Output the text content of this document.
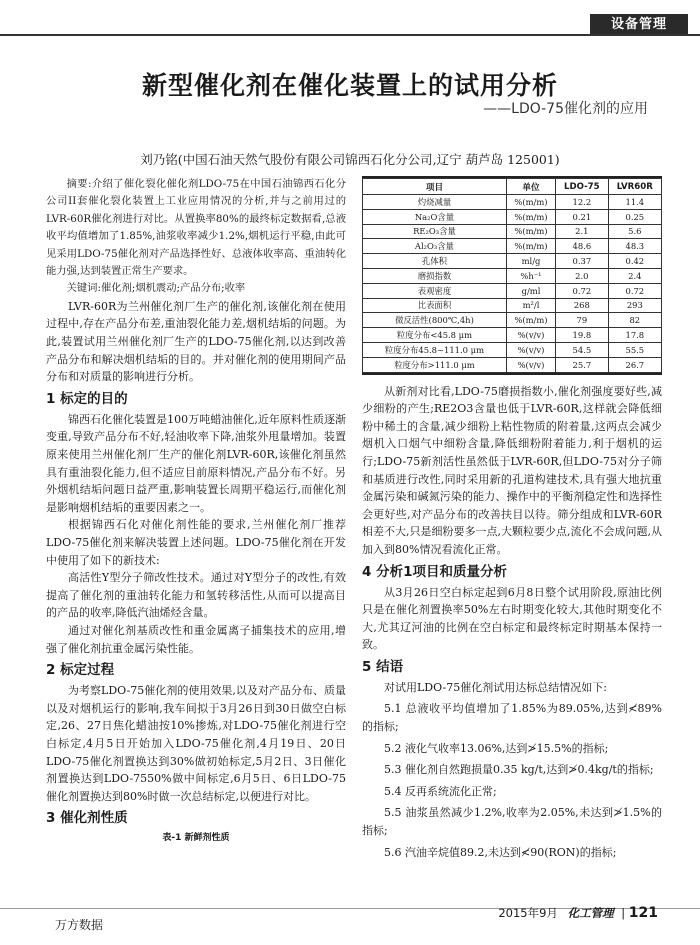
设备管理
新型催化剂在催化装置上的试用分析
——LDO-75催化剂的应用
刘乃铭(中国石油天然气股份有限公司锦西石化分公司,辽宁 葫芦岛 125001)

摘要:介绍了催化裂化催化剂LDO-75在中国石油锦西石化分公司II套催化裂化装置上工业应用情况的分析,并与之前用过的LVR-60R催化剂进行对比。从置换率80%的最终标定数据看,总液收平均值增加了1.85%,油浆收率减少1.2%,烟机运行平稳,由此可见采用LDO-75催化剂对产品选择性好、总液体收率高、重油转化能力强,达到装置正常生产要求。

关键词:催化剂;烟机震动;产品分布;收率

LVR-60R为兰州催化剂厂生产的催化剂,该催化剂在使用过程中,存在产品分布差,重油裂化能力差,烟机结垢的问题。为此,装置试用兰州催化剂厂生产的LDO-75催化剂,以达到改善产品分布和解决烟机结垢的目的。并对催化剂的使用期间产品分布和对质量的影响进行分析。

1 标定的目的

锦西石化催化装置是100万吨蜡油催化,近年原料性质逐渐变重,导致产品分布不好,轻油收率下降,油浆外甩量增加。装置原来使用兰州催化剂厂生产的催化剂LVR-60R,该催化剂虽然具有重油裂化能力,但不适应目前原料情况,产品分布不好。另外烟机结垢问题日益严重,影响装置长周期平稳运行,而催化剂是影响烟机结垢的重要因素之一。

根据锦西石化对催化剂性能的要求,兰州催化剂厂推荐LDO-75催化剂来解决装置上述问题。LDO-75催化剂在开发中使用了如下的新技术:

高活性Y型分子筛改性技术。通过对Y型分子的改性,有效提高了催化剂的重油转化能力和氢转移活性,从而可以提高目的产品的收率,降低汽油烯烃含量。

通过对催化剂基质改性和重金属离子捕集技术的应用,增强了催化剂抗重金属污染性能。

2 标定过程

为考察LDO-75催化剂的使用效果,以及对产品分布、质量以及对烟机运行的影响,我车间拟于3月26日到30日做空白标定,26、27日焦化蜡油按10%掺炼,对LDO-75催化剂进行空白标定,4月5日开始加入LDO-75催化剂,4月19日、20日LDO-75催化剂置换达到30%做初始标定,5月2日、3日催化剂置换达到LDO-7550%做中间标定,6月5日、6日LDO-75催化剂置换达到80%时做一次总结标定,以便进行对比。

3 催化剂性质
表-1 新鲜剂性质
项目	单位	LDO-75	LVR60R
灼烧减量	%(m/m)	12.2	11.4
Na₂O含量	%(m/m)	0.21	0.25
RE₂O₃含量	%(m/m)	2.1	5.6
Al₂O₃含量	%(m/m)	48.6	48.3
孔体积	ml/g	0.37	0.42
磨损指数	%h⁻¹	2.0	2.4
表观密度	g/ml	0.72	0.72
比表面积	m²/l	268	293
微反活性(800℃,4h)	%(m/m)	79	82
粒度分布<45.8 μm	%(v/v)	19.8	17.8
粒度分布45.8~111.0 μm	%(v/v)	54.5	55.5
粒度分布>111.0 μm	%(v/v)	25.7	26.7

从新剂对比看,LDO-75磨损指数小,催化剂强度要好些,减少细粉的产生;RE2O3含量也低于LVR-60R,这样就会降低细粉中稀土的含量,减少细粉上粘性物质的附着量,这两点会减少烟机入口烟气中细粉含量,降低细粉附着能力,利于烟机的运行;LDO-75新剂活性虽然低于LVR-60R,但LDO-75对分子筛和基质进行改性,同时采用新的孔道构建技术,具有强大地抗重金属污染和碱氮污染的能力、操作中的平衡剂稳定性和选择性会更好些,对产品分布的改善扶目以待。筛分组成和LVR-60R相差不大,只是细粉要多一点,大颗粒要少点,流化不会成问题,从加入到80%情况看流化正常。

4 分析1项目和质量分析

从3月26日空白标定起到6月8日整个试用阶段,原油比例只是在催化剂置换率50%左右时期变化较大,其他时期变化不大,尤其辽河油的比例在空白标定和最终标定时期基本保持一致。

5 结语

对试用LDO-75催化剂试用达标总结情况如下:

5.1 总液收平均值增加了1.85%为89.05%,达到≮89%的指标;

5.2 液化气收率13.06%,达到≯15.5%的指标;

5.3 催化剂自然跑损量0.35 kg/t,达到≯0.4kg/t的指标;

5.4 反再系统流化正常;

5.5 油浆虽然减少1.2%,收率为2.05%,未达到≯1.5%的指标;

5.6 汽油辛烷值89.2,未达到≮90(RON)的指标;

万方数据
2015年9月 化工管理 | 121
